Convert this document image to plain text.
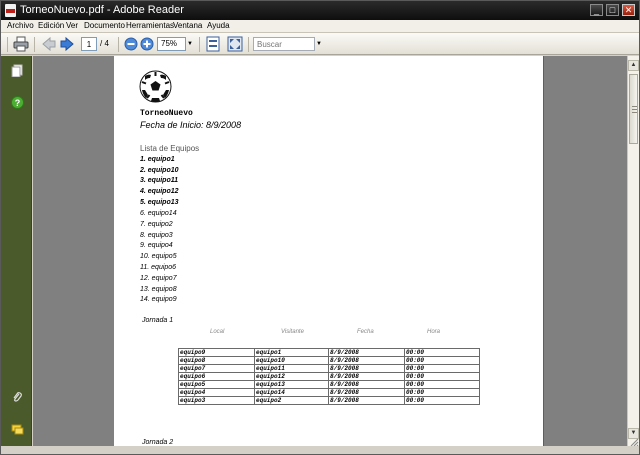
TorneoNuevo.pdf - Adobe Reader	_	□	✕
Archivo Edición Ver Documento Herramientas
Ventana Ayuda
1
/ 4	75%	▼
Buscar	▼
?
TorneoNuevo
Fecha de Inicio: 8/9/2008
Lista de Equipos
1. equipo1
2. equipo10
3. equipo11
4. equipo12
5. equipo13
6. equipo14
7. equipo2
8. equipo3
9. equipo4
10. equipo5
11. equipo6
12. equipo7
13. equipo8
14. equipo9
Jornada 1
Local	Visitante	Fecha	Hora
equipo9	equipo1	8/9/2008	00:00
equipo8	equipo10	8/9/2008	00:00
equipo7	equipo11	8/9/2008	00:00
equipo6	equipo12	8/9/2008	00:00
equipo5	equipo13	8/9/2008	00:00
equipo4	equipo14	8/9/2008	00:00
equipo3	equipo2	8/9/2008	00:00
Jornada 2
▲
▼
